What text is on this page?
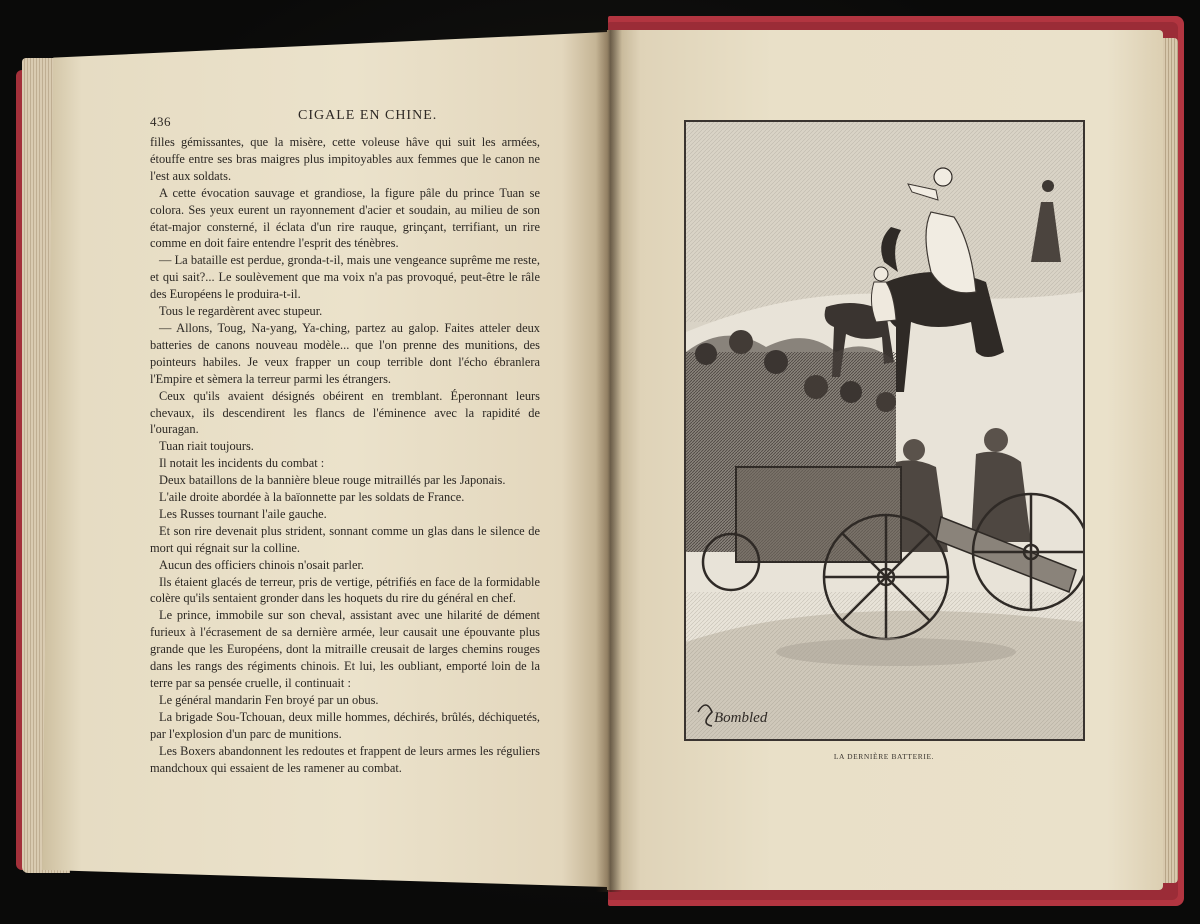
436	CIGALE EN CHINE.

filles gémissantes, que la misère, cette voleuse hâve qui suit les armées, étouffe entre ses bras maigres plus impitoyables aux femmes que le canon ne l'est aux soldats.

A cette évocation sauvage et grandiose, la figure pâle du prince Tuan se colora. Ses yeux eurent un rayonnement d'acier et soudain, au milieu de son état-major consterné, il éclata d'un rire rauque, grinçant, terrifiant, un rire comme en doit faire entendre l'esprit des ténèbres.

— La bataille est perdue, gronda-t-il, mais une vengeance suprême me reste, et qui sait?... Le soulèvement que ma voix n'a pas provoqué, peut-être le râle des Européens le produira-t-il.

Tous le regardèrent avec stupeur.

— Allons, Toug, Na-yang, Ya-ching, partez au galop. Faites atteler deux batteries de canons nouveau modèle... que l'on prenne des munitions, des pointeurs habiles. Je veux frapper un coup terrible dont l'écho ébranlera l'Empire et sèmera la terreur parmi les étrangers.

Ceux qu'ils avaient désignés obéirent en tremblant. Éperonnant leurs chevaux, ils descendirent les flancs de l'éminence avec la rapidité de l'ouragan.

Tuan riait toujours.

Il notait les incidents du combat :

Deux bataillons de la bannière bleue rouge mitraillés par les Japonais.

L'aile droite abordée à la baïonnette par les soldats de France.

Les Russes tournant l'aile gauche.

Et son rire devenait plus strident, sonnant comme un glas dans le silence de mort qui régnait sur la colline.

Aucun des officiers chinois n'osait parler.

Ils étaient glacés de terreur, pris de vertige, pétrifiés en face de la formidable colère qu'ils sentaient gronder dans les hoquets du rire du général en chef.

Le prince, immobile sur son cheval, assistant avec une hilarité de dément furieux à l'écrasement de sa dernière armée, leur causait une épouvante plus grande que les Européens, dont la mitraille creusait de larges chemins rouges dans les rangs des régiments chinois. Et lui, les oubliant, emporté loin de la terre par sa pensée cruelle, il continuait :

Le général mandarin Fen broyé par un obus.

La brigade Sou-Tchouan, deux mille hommes, déchirés, brûlés, déchiquetés, par l'explosion d'un parc de munitions.

Les Boxers abandonnent les redoutes et frappent de leurs armes les réguliers mandchoux qui essaient de les ramener au combat.

Bombled
LA DERNIÈRE BATTERIE.
